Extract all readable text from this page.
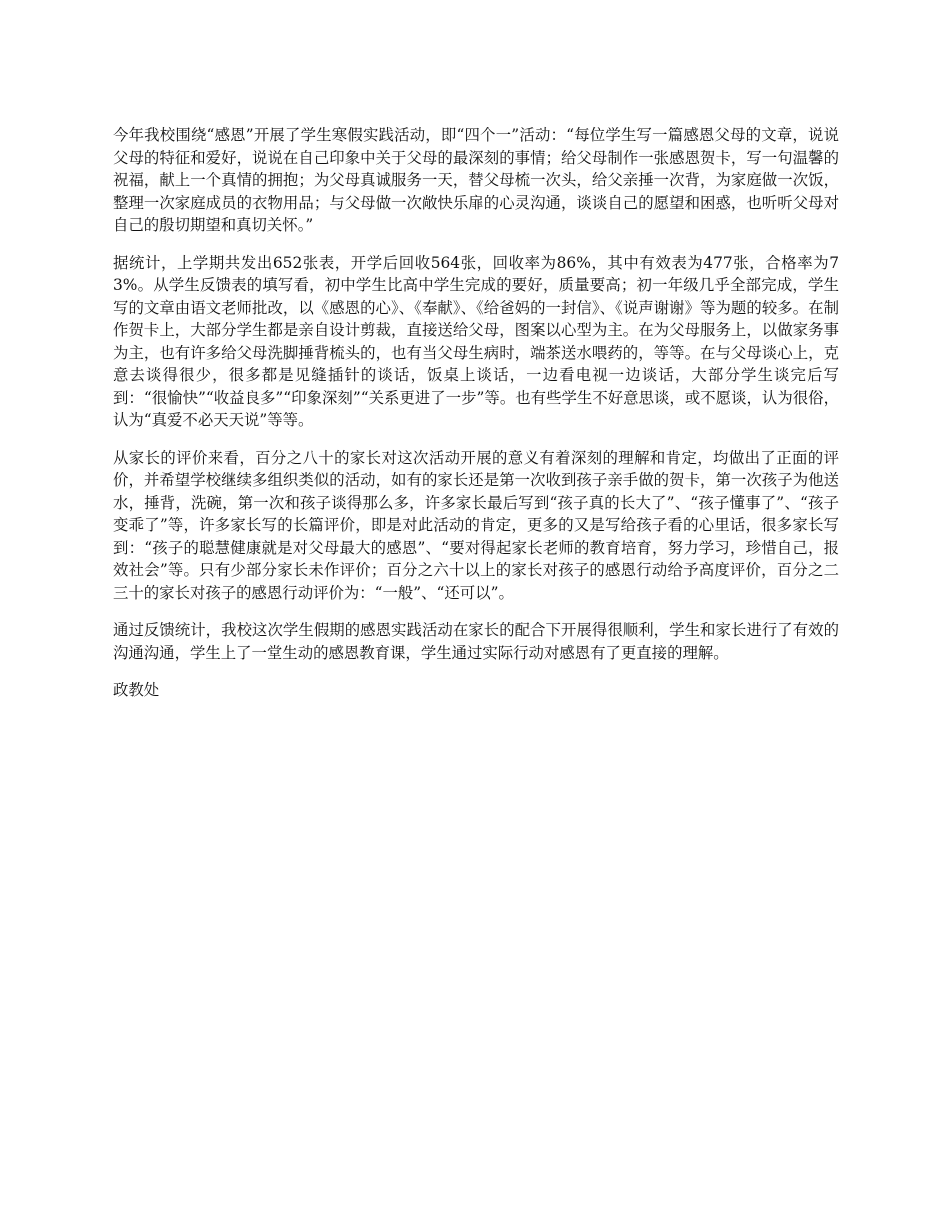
今年我校围绕“感恩”开展了学生寒假实践活动，即“四个一”活动：“每位学生写一篇感恩父母的文章，说说父母的特征和爱好，说说在自己印象中关于父母的最深刻的事情；给父母制作一张感恩贺卡，写一句温馨的祝福，献上一个真情的拥抱；为父母真诚服务一天，替父母梳一次头，给父亲捶一次背，为家庭做一次饭，整理一次家庭成员的衣物用品；与父母做一次敞快乐扉的心灵沟通，谈谈自己的愿望和困惑，也听听父母对自己的殷切期望和真切关怀。”

据统计，上学期共发出652张表，开学后回收564张，回收率为86%，其中有效表为477张，合格率为73%。从学生反馈表的填写看，初中学生比高中学生完成的要好，质量要高；初一年级几乎全部完成，学生写的文章由语文老师批改，以《感恩的心》、《奉献》、《给爸妈的一封信》、《说声谢谢》等为题的较多。在制作贺卡上，大部分学生都是亲自设计剪裁，直接送给父母，图案以心型为主。在为父母服务上，以做家务事为主，也有许多给父母洗脚捶背梳头的，也有当父母生病时，端茶送水喂药的，等等。在与父母谈心上，克意去谈得很少，很多都是见缝插针的谈话，饭桌上谈话，一边看电视一边谈话，大部分学生谈完后写到：“很愉快”“收益良多”“印象深刻”“关系更进了一步”等。也有些学生不好意思谈，或不愿谈，认为很俗，认为“真爱不必天天说”等等。

从家长的评价来看，百分之八十的家长对这次活动开展的意义有着深刻的理解和肯定，均做出了正面的评价，并希望学校继续多组织类似的活动，如有的家长还是第一次收到孩子亲手做的贺卡，第一次孩子为他送水，捶背，洗碗，第一次和孩子谈得那么多，许多家长最后写到“孩子真的长大了”、“孩子懂事了”、“孩子变乖了”等，许多家长写的长篇评价，即是对此活动的肯定，更多的又是写给孩子看的心里话，很多家长写到：“孩子的聪慧健康就是对父母最大的感恩”、“要对得起家长老师的教育培育，努力学习，珍惜自己，报效社会”等。只有少部分家长未作评价；百分之六十以上的家长对孩子的感恩行动给予高度评价，百分之二三十的家长对孩子的感恩行动评价为：“一般”、“还可以”。

通过反馈统计，我校这次学生假期的感恩实践活动在家长的配合下开展得很顺利，学生和家长进行了有效的沟通沟通，学生上了一堂生动的感恩教育课，学生通过实际行动对感恩有了更直接的理解。

政教处
